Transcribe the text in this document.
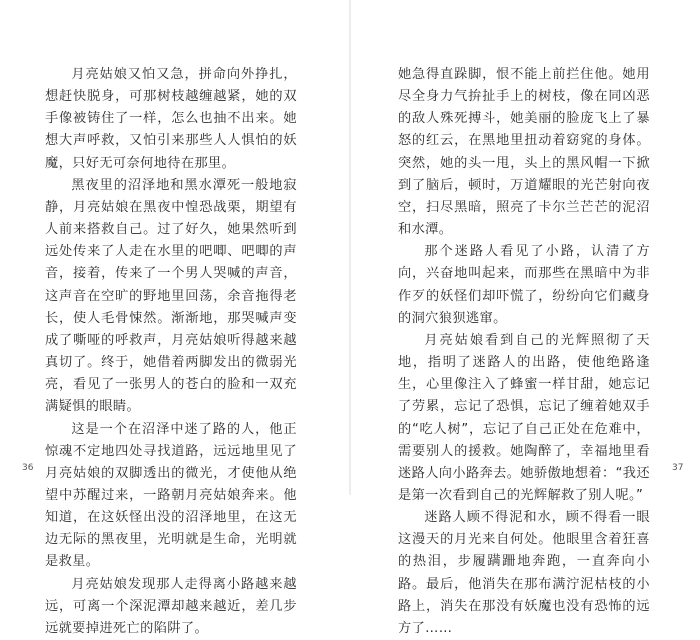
月亮姑娘又怕又急，拼命向外挣扎，想赶快脱身，可那树枝越缠越紧，她的双手像被铸住了一样，怎么也抽不出来。她想大声呼救，又怕引来那些人人惧怕的妖魔，只好无可奈何地待在那里。

黑夜里的沼泽地和黑水潭死一般地寂静，月亮姑娘在黑夜中惶恐战栗，期望有人前来搭救自己。过了好久，她果然听到远处传来了人走在水里的吧唧、吧唧的声音，接着，传来了一个男人哭喊的声音，这声音在空旷的野地里回荡，余音拖得老长，使人毛骨悚然。渐渐地，那哭喊声变成了嘶哑的呼救声，月亮姑娘听得越来越真切了。终于，她借着两脚发出的微弱光亮，看见了一张男人的苍白的脸和一双充满疑惧的眼睛。

这是一个在沼泽中迷了路的人，他正惊魂不定地四处寻找道路，远远地里见了月亮姑娘的双脚透出的微光，才使他从绝望中苏醒过来，一路朝月亮姑娘奔来。他知道，在这妖怪出没的沼泽地里，在这无边无际的黑夜里，光明就是生命，光明就是救星。

月亮姑娘发现那人走得离小路越来越远，可离一个深泥潭却越来越近，差几步远就要掉进死亡的陷阱了。

36

她急得直跺脚，恨不能上前拦住他。她用尽全身力气拚扯手上的树枝，像在同凶恶的敌人殊死搏斗，她美丽的脸庞飞上了暴怒的红云，在黑地里扭动着窈窕的身体。突然，她的头一甩，头上的黑风帽一下掀到了脑后，顿时，万道耀眼的光芒射向夜空，扫尽黑暗，照亮了卡尔兰芒芒的泥沼和水潭。

那个迷路人看见了小路，认清了方向，兴奋地叫起来，而那些在黑暗中为非作歹的妖怪们却吓慌了，纷纷向它们藏身的洞穴狼狈逃窜。

月亮姑娘看到自己的光辉照彻了天地，指明了迷路人的出路，使他绝路逢生，心里像注入了蜂蜜一样甘甜，她忘记了劳累，忘记了恐惧，忘记了缠着她双手的“吃人树”，忘记了自己正处在危难中，需要别人的援救。她陶醉了，幸福地里看迷路人向小路奔去。她骄傲地想着：“我还是第一次看到自己的光辉解救了别人呢。”

迷路人顾不得泥和水，顾不得看一眼这漫天的月光来自何处。他眼里含着狂喜的热泪，步履蹒跚地奔跑，一直奔向小路。最后，他消失在那布满泞泥枯枝的小路上，消失在那没有妖魔也没有恐怖的远方了……

37
